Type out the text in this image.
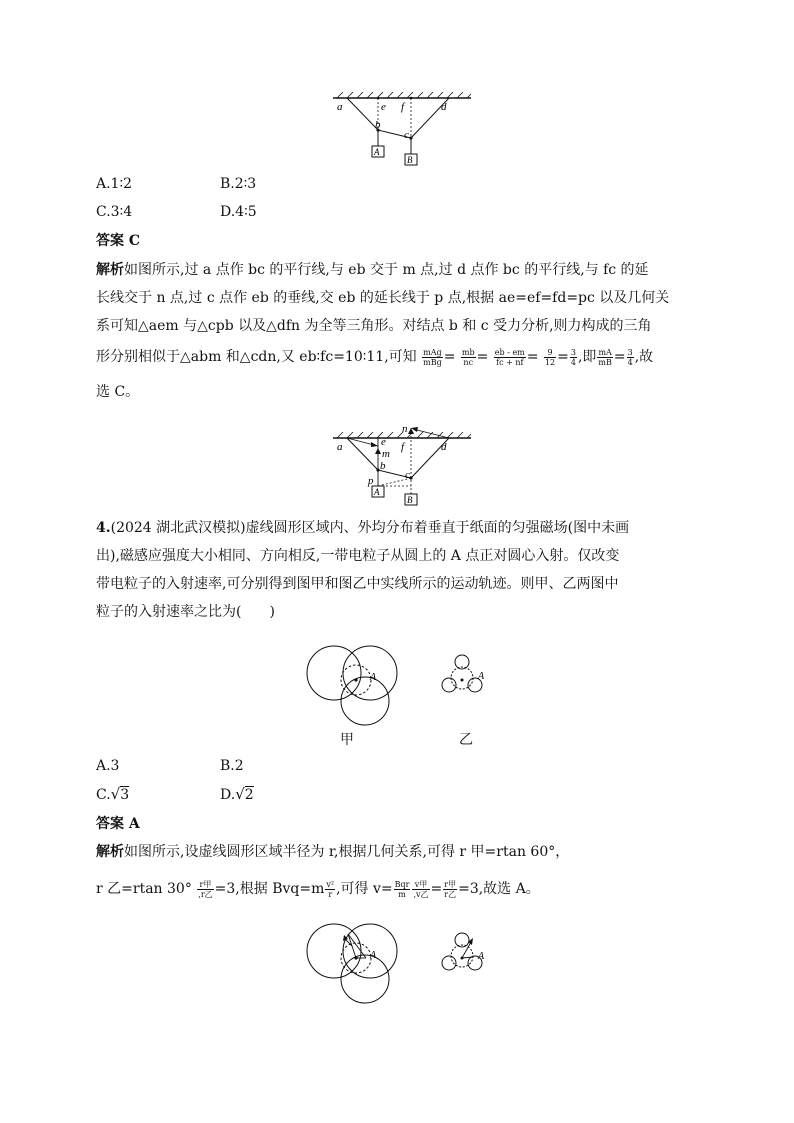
a	e f	d
b
c
A
B
A.1∶2	B.2∶3
C.3∶4	D.4∶5
答案 C
解析如图所示,过 a 点作 bc 的平行线,与 eb 交于 m 点,过 d 点作 bc 的平行线,与 fc 的延
长线交于 n 点,过 c 点作 eb 的垂线,交 eb 的延长线于 p 点,根据 ae=ef=fd=pc 以及几何关
系可知△aem 与△cpb 以及△dfn 为全等三角形。对结点 b 和 c 受力分析,则力构成的三角
形分别相似于△abm 和△cdn,又 eb∶fc=10∶11,可知 $\frac{\text{mAg}}{\text{mBg}} = \frac{mb}{nc} = \frac{eb - em}{fc + nf} = \frac{9}{12} = \frac{3}{4}$ ,即 $\frac{mA}{mB} = \frac{3}{4}$ ,故
选 C。
a	e
m
f
n
d
b
c
p
A
B
4.(2024 湖北武汉模拟)虚线圆形区域内、外均分布着垂直于纸面的匀强磁场(图中未画
出),磁感应强度大小相同、方向相反,一带电粒子从圆上的 A 点正对圆心入射。仅改变
带电粒子的入射速率,可分别得到图甲和图乙中实线所示的运动轨迹。则甲、乙两图中
粒子的入射速率之比为(　　)
A
甲
A
乙
A.3	B.2
C.√3	D.√2
答案 A
解析如图所示,设虚线圆形区域半径为 r,根据几何关系,可得 r 甲=rtan 60°，
r 乙=rtan $30^\circ \frac{\text{r甲}}{\text{,r乙}} =3$,根据 $Bvq=m \frac{\text{v²}}{r}$ ,可得 $v= \frac{\text{Bqr}}{m} \frac{\text{v甲}}{\text{,v乙}} = \frac{\text{r甲}}{\text{r乙}} =3$,故选 A。
A	A
